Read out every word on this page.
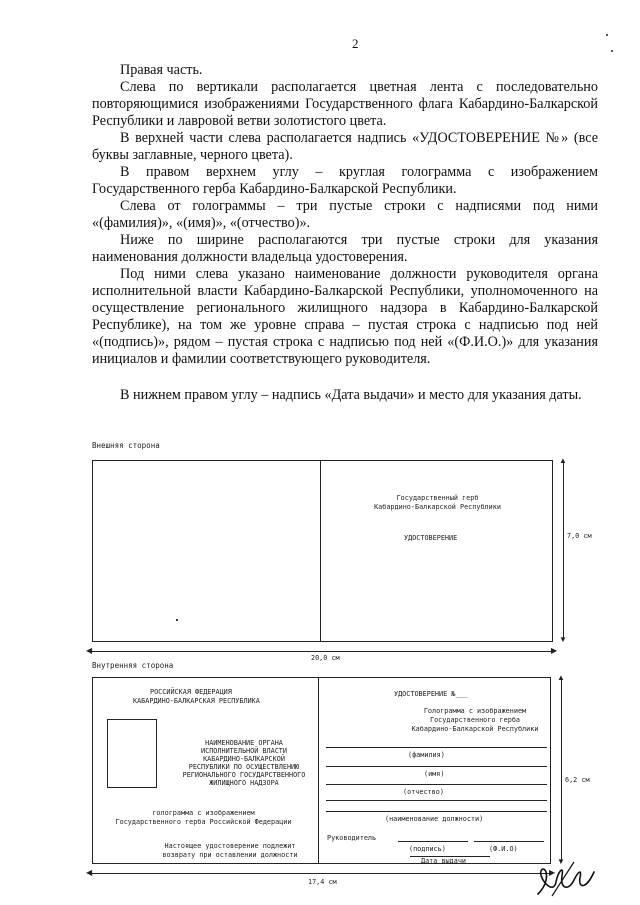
2
Правая часть.
Слева по вертикали располагается цветная лента с последовательно повторяющимися изображениями Государственного флага Кабардино-Балкарской Республики и лавровой ветви золотистого цвета.
В верхней части слева располагается надпись «УДОСТОВЕРЕНИЕ №» (все буквы заглавные, черного цвета).
В правом верхнем углу – круглая голограмма с изображением Государственного герба Кабардино-Балкарской Республики.
Слева от голограммы – три пустые строки с надписями под ними «(фамилия)», «(имя)», «(отчество)».
Ниже по ширине располагаются три пустые строки для указания наименования должности владельца удостоверения.
Под ними слева указано наименование должности руководителя органа исполнительной власти Кабардино-Балкарской Республики, уполномоченного на осуществление регионального жилищного надзора в Кабардино-Балкарской Республике), на том же уровне справа – пустая строка с надписью под ней «(подпись)», рядом – пустая строка с надписью под ней «(Ф.И.О.)» для указания инициалов и фамилии соответствующего руководителя.
В нижнем правом углу – надпись «Дата выдачи» и место для указания даты.
Внешняя сторона
Государственный герб
Кабардино-Балкарской Республики
УДОСТОВЕРЕНИЕ
▲
▼
7,0 см
◀	▶
20,0 см
Внутренняя сторона
РОССИЙСКАЯ ФЕДЕРАЦИЯ
КАБАРДИНО-БАЛКАРСКАЯ РЕСПУБЛИКА
НАИМЕНОВАНИЕ ОРГАНА
ИСПОЛНИТЕЛЬНОЙ ВЛАСТИ
КАБАРДИНО-БАЛКАРСКОЙ
РЕСПУБЛИКИ ПО ОСУЩЕСТВЛЕНИЮ
РЕГИОНАЛЬНОГО ГОСУДАРСТВЕННОГО
ЖИЛИЩНОГО НАДЗОРА
голограмма с изображением
Государственного герба Российской Федерации
Настоящее удостоверение подлежит
возврату при оставлении должности
УДОСТОВЕРЕНИЕ №___
Голограмма с изображением
Государственного герба
Кабардино-Балкарской Республики
(фамилия)
(имя)
(отчество)
(наименование должности)
Руководитель
(подпись)	(Ф.И.О)
Дата выдачи
▲
▼
6,2 см
◀	▶
17,4 см
